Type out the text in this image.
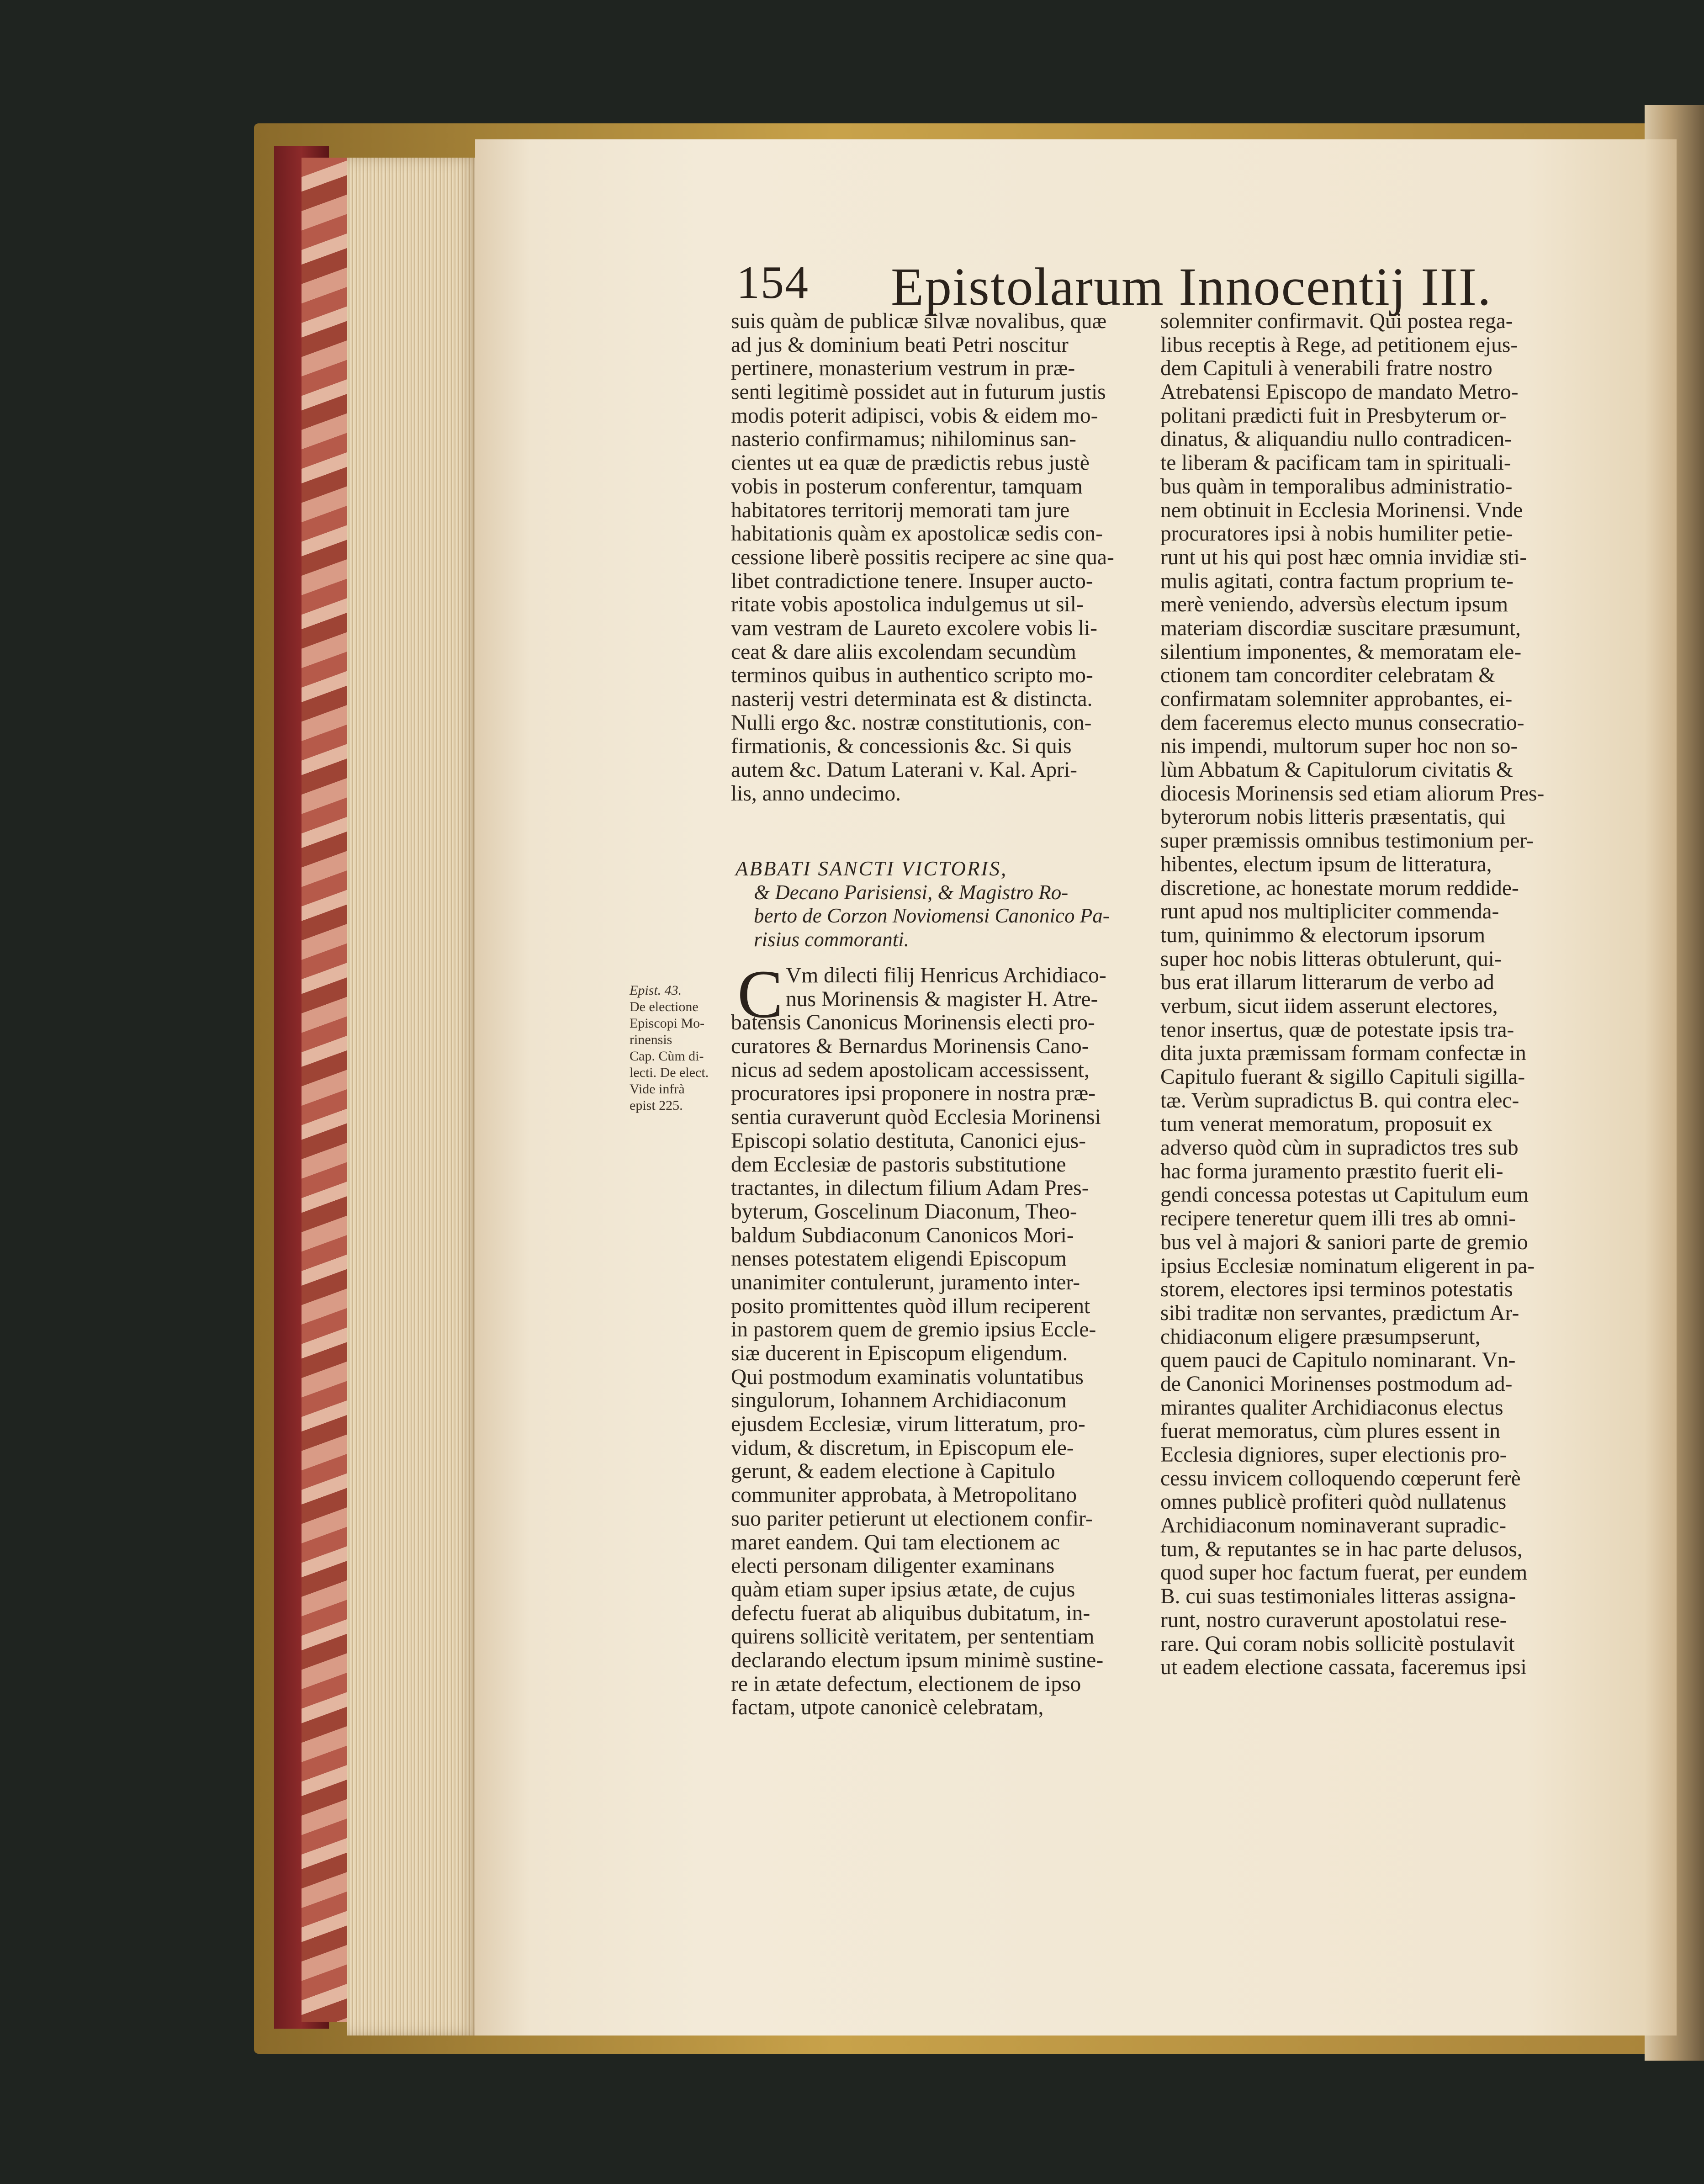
154 Epistolarum Innocentij III.
suis quàm de publicæ silvæ novalibus, quæ
ad jus & dominium beati Petri noscitur
pertinere, monasterium vestrum in præ-
senti legitimè possidet aut in futurum justis
modis poterit adipisci, vobis & eidem mo-
nasterio confirmamus; nihilominus san-
cientes ut ea quæ de prædictis rebus justè
vobis in posterum conferentur, tamquam
habitatores territorij memorati tam jure
habitationis quàm ex apostolicæ sedis con-
cessione liberè possitis recipere ac sine qua-
libet contradictione tenere. Insuper aucto-
ritate vobis apostolica indulgemus ut sil-
vam vestram de Laureto excolere vobis li-
ceat & dare aliis excolendam secundùm
terminos quibus in authentico scripto mo-
nasterij vestri determinata est & distincta.
Nulli ergo &c. nostræ constitutionis, con-
firmationis, & concessionis &c. Si quis
autem &c. Datum Laterani v. Kal. Apri-
lis, anno undecimo.
ABBATI SANCTI VICTORIS,
& Decano Parisiensi, & Magistro Ro-
berto de Corzon Noviomensi Canonico Pa-
risius commoranti.
C Vm dilecti filij Henricus Archidiaco-
nus Morinensis & magister H. Atre-
batensis Canonicus Morinensis electi pro-
curatores & Bernardus Morinensis Cano-
nicus ad sedem apostolicam accessissent,
procuratores ipsi proponere in nostra præ-
sentia curaverunt quòd Ecclesia Morinensi
Episcopi solatio destituta, Canonici ejus-
dem Ecclesiæ de pastoris substitutione
tractantes, in dilectum filium Adam Pres-
byterum, Goscelinum Diaconum, Theo-
baldum Subdiaconum Canonicos Mori-
nenses potestatem eligendi Episcopum
unanimiter contulerunt, juramento inter-
posito promittentes quòd illum reciperent
in pastorem quem de gremio ipsius Eccle-
siæ ducerent in Episcopum eligendum.
Qui postmodum examinatis voluntatibus
singulorum, Iohannem Archidiaconum
ejusdem Ecclesiæ, virum litteratum, pro-
vidum, & discretum, in Episcopum ele-
gerunt, & eadem electione à Capitulo
communiter approbata, à Metropolitano
suo pariter petierunt ut electionem confir-
maret eandem. Qui tam electionem ac
electi personam diligenter examinans
quàm etiam super ipsius ætate, de cujus
defectu fuerat ab aliquibus dubitatum, in-
quirens sollicitè veritatem, per sententiam
declarando electum ipsum minimè sustine-
re in ætate defectum, electionem de ipso
factam, utpote canonicè celebratam,
Epist. 43.
De electione
Episcopi Mo-
rinensis
Cap. Cùm di-
lecti. De elect.
Vide infrà
epist 225.
solemniter confirmavit. Qui postea rega-
libus receptis à Rege, ad petitionem ejus-
dem Capituli à venerabili fratre nostro
Atrebatensi Episcopo de mandato Metro-
politani prædicti fuit in Presbyterum or-
dinatus, & aliquandiu nullo contradicen-
te liberam & pacificam tam in spirituali-
bus quàm in temporalibus administratio-
nem obtinuit in Ecclesia Morinensi. Vnde
procuratores ipsi à nobis humiliter petie-
runt ut his qui post hæc omnia invidiæ sti-
mulis agitati, contra factum proprium te-
merè veniendo, adversùs electum ipsum
materiam discordiæ suscitare præsumunt,
silentium imponentes, & memoratam ele-
ctionem tam concorditer celebratam &
confirmatam solemniter approbantes, ei-
dem faceremus electo munus consecratio-
nis impendi, multorum super hoc non so-
lùm Abbatum & Capitulorum civitatis &
diocesis Morinensis sed etiam aliorum Pres-
byterorum nobis litteris præsentatis, qui
super præmissis omnibus testimonium per-
hibentes, electum ipsum de litteratura,
discretione, ac honestate morum reddide-
runt apud nos multipliciter commenda-
tum, quinimmo & electorum ipsorum
super hoc nobis litteras obtulerunt, qui-
bus erat illarum litterarum de verbo ad
verbum, sicut iidem asserunt electores,
tenor insertus, quæ de potestate ipsis tra-
dita juxta præmissam formam confectæ in
Capitulo fuerant & sigillo Capituli sigilla-
tæ. Verùm supradictus B. qui contra elec-
tum venerat memoratum, proposuit ex
adverso quòd cùm in supradictos tres sub
hac forma juramento præstito fuerit eli-
gendi concessa potestas ut Capitulum eum
recipere teneretur quem illi tres ab omni-
bus vel à majori & saniori parte de gremio
ipsius Ecclesiæ nominatum eligerent in pa-
storem, electores ipsi terminos potestatis
sibi traditæ non servantes, prædictum Ar-
chidiaconum eligere præsumpserunt,
quem pauci de Capitulo nominarant. Vn-
de Canonici Morinenses postmodum ad-
mirantes qualiter Archidiaconus electus
fuerat memoratus, cùm plures essent in
Ecclesia digniores, super electionis pro-
cessu invicem colloquendo cœperunt ferè
omnes publicè profiteri quòd nullatenus
Archidiaconum nominaverant supradic-
tum, & reputantes se in hac parte delusos,
quod super hoc factum fuerat, per eundem
B. cui suas testimoniales litteras assigna-
runt, nostro curaverunt apostolatui rese-
rare. Qui coram nobis sollicitè postulavit
ut eadem electione cassata, faceremus ipsi
